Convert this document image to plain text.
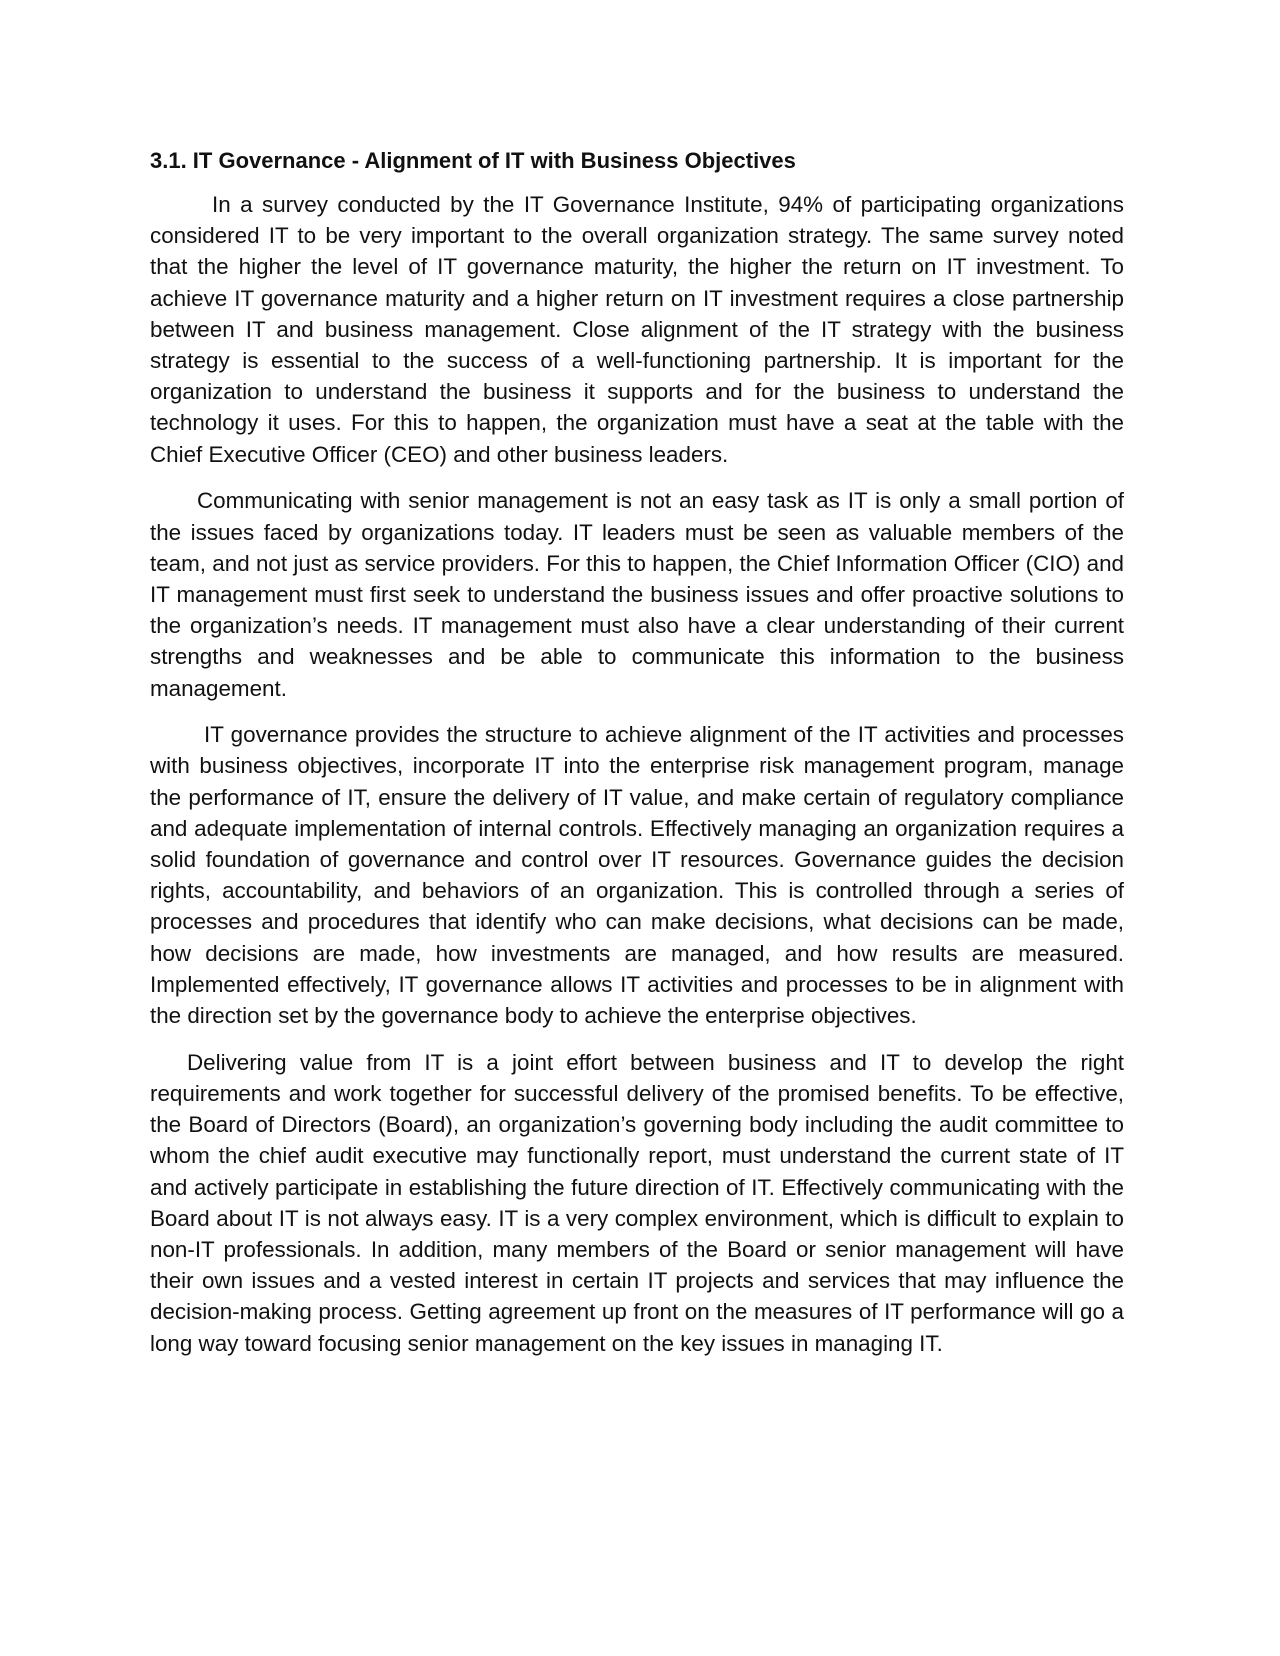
3.1. IT Governance - Alignment of IT with Business Objectives

In a survey conducted by the IT Governance Institute, 94% of participating organizations considered IT to be very important to the overall organization strategy. The same survey noted that the higher the level of IT governance maturity, the higher the return on IT investment. To achieve IT governance maturity and a higher return on IT investment requires a close partnership between IT and business management. Close alignment of the IT strategy with the business strategy is essential to the success of a well-functioning partnership. It is important for the organization to understand the business it supports and for the business to understand the technology it uses. For this to happen, the organization must have a seat at the table with the Chief Executive Officer (CEO) and other business leaders.

Communicating with senior management is not an easy task as IT is only a small portion of the issues faced by organizations today. IT leaders must be seen as valuable members of the team, and not just as service providers. For this to happen, the Chief Information Officer (CIO) and IT management must first seek to understand the business issues and offer proactive solutions to the organization’s needs. IT management must also have a clear understanding of their current strengths and weaknesses and be able to communicate this information to the business management.

IT governance provides the structure to achieve alignment of the IT activities and processes with business objectives, incorporate IT into the enterprise risk management program, manage the performance of IT, ensure the delivery of IT value, and make certain of regulatory compliance and adequate implementation of internal controls. Effectively managing an organization requires a solid foundation of governance and control over IT resources. Governance guides the decision rights, accountability, and behaviors of an organization. This is controlled through a series of processes and procedures that identify who can make decisions, what decisions can be made, how decisions are made, how investments are managed, and how results are measured. Implemented effectively, IT governance allows IT activities and processes to be in alignment with the direction set by the governance body to achieve the enterprise objectives.

Delivering value from IT is a joint effort between business and IT to develop the right requirements and work together for successful delivery of the promised benefits. To be effective, the Board of Directors (Board), an organization’s governing body including the audit committee to whom the chief audit executive may functionally report, must understand the current state of IT and actively participate in establishing the future direction of IT. Effectively communicating with the Board about IT is not always easy. IT is a very complex environment, which is difficult to explain to non-IT professionals. In addition, many members of the Board or senior management will have their own issues and a vested interest in certain IT projects and services that may influence the decision-making process. Getting agreement up front on the measures of IT performance will go a long way toward focusing senior management on the key issues in managing IT.
